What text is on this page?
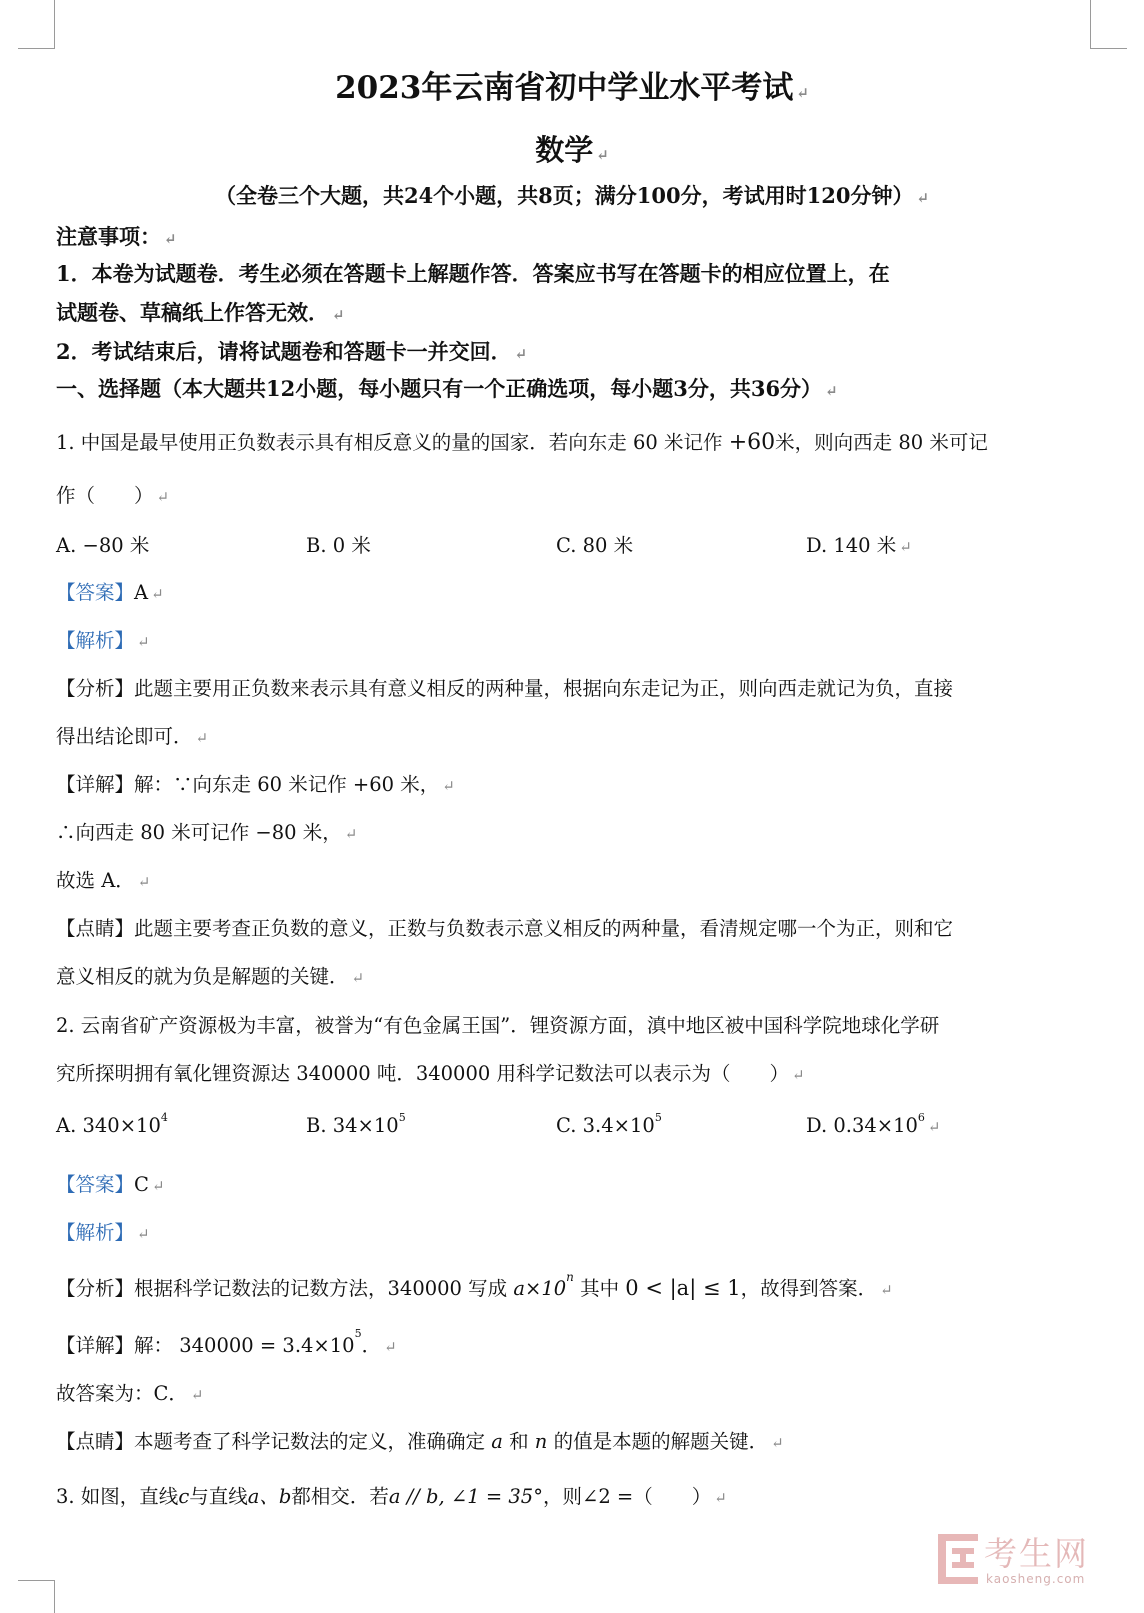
2023年云南省初中学业水平考试 ↵
数学 ↵
（全卷三个大题，共24个小题，共8页；满分100分，考试用时120分钟） ↵
注意事项： ↵
1．本卷为试题卷．考生必须在答题卡上解题作答．答案应书写在答题卡的相应位置上，在
试题卷、草稿纸上作答无效． ↵
2．考试结束后，请将试题卷和答题卡一并交回． ↵
一、选择题（本大题共12小题，每小题只有一个正确选项，每小题3分，共36分） ↵
1. 中国是最早使用正负数表示具有相反意义的量的国家．若向东走 60 米记作 +60米，则向西走 80 米可记
作（　　） ↵
A. −80 米	B. 0 米	C. 80 米	D. 140 米 ↵
【答案】A ↵
【解析】 ↵
【分析】此题主要用正负数来表示具有意义相反的两种量，根据向东走记为正，则向西走就记为负，直接
得出结论即可． ↵
【详解】解：∵向东走 60 米记作 +60 米， ↵
∴向西走 80 米可记作 −80 米， ↵
故选 A． ↵
【点睛】此题主要考查正负数的意义，正数与负数表示意义相反的两种量，看清规定哪一个为正，则和它
意义相反的就为负是解题的关键． ↵
2. 云南省矿产资源极为丰富，被誉为“有色金属王国”．锂资源方面，滇中地区被中国科学院地球化学研
究所探明拥有氧化锂资源达 340000 吨．340000 用科学记数法可以表示为（　　） ↵
A. $340\times 10^4$	B. $34\times 10^5$	C. $3.4\times 10^5$	D. $0.34\times 10^6↵$
【答案】C ↵
【解析】 ↵
【分析】根据科学记数法的记数方法，340000 写成 $a\times 10^n$ 其中 0 < |a| ≤ 1，故得到答案． ↵
【详解】解： $340000 = 3.4\times 10^5$． ↵
故答案为：C． ↵
【点睛】本题考查了科学记数法的定义，准确确定 a 和 n 的值是本题的解题关键． ↵
3. 如图，直线c与直线a、b都相交．若a // b, ∠1 = 35°，则∠2 =（　　） ↵
考生网
kaosheng.com
